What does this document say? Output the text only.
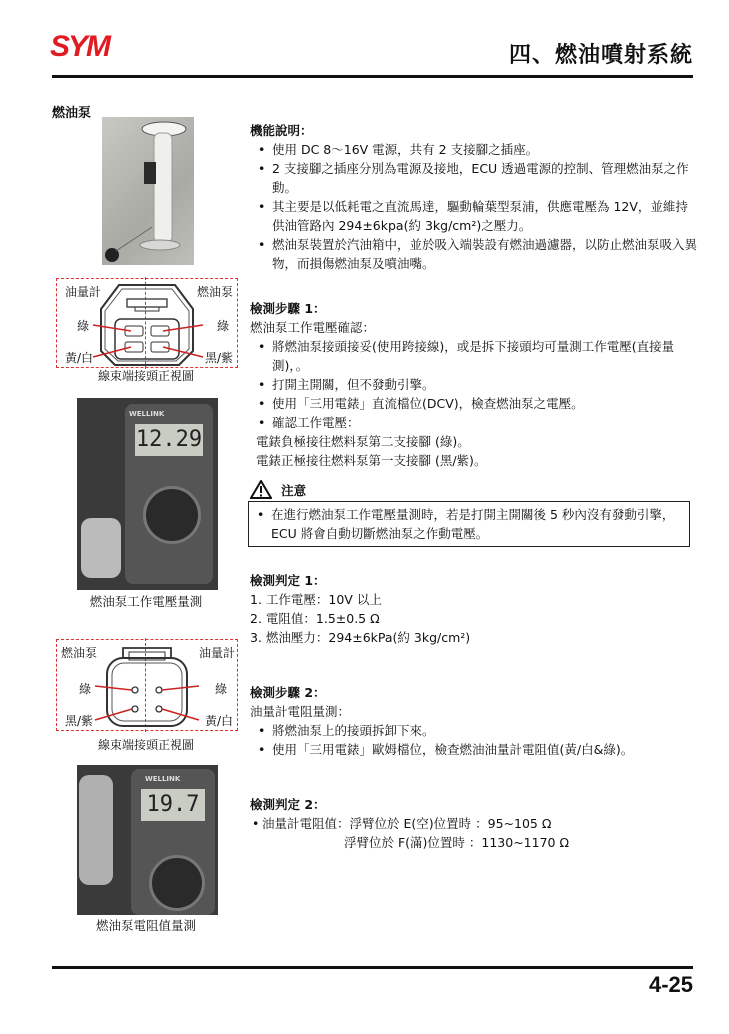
SYM	四、燃油噴射系統
燃油泵
油量計	燃油泵
綠	綠
黃/白	黑/紫
線束端接頭正視圖
WELLINK
12.29
燃油泵工作電壓量測
燃油泵	油量計
綠	綠
黑/紫	黃/白
線束端接頭正視圖
WELLINK
19.7
燃油泵電阻值量測
機能說明：
• 使用 DC 8～16V 電源，共有 2 支接腳之插座。
• 2 支接腳之插座分別為電源及接地，ECU 透過電源的控制、管理燃油泵之作動。
• 其主要是以低耗電之直流馬達，驅動輪葉型泵浦，供應電壓為 12V，並維持供油管路內 294±6kpa(約 3kg/cm²)之壓力。
• 燃油泵裝置於汽油箱中，並於吸入端裝設有燃油過濾器，以防止燃油泵吸入異物，而損傷燃油泵及噴油嘴。
檢測步驟 1：
燃油泵工作電壓確認：
• 將燃油泵接頭接妥(使用跨接線)，或是拆下接頭均可量測工作電壓(直接量測)，。
• 打開主開關，但不發動引擎。
• 使用「三用電錶」直流檔位(DCV)，檢查燃油泵之電壓。
• 確認工作電壓：
電錶負極接往燃料泵第二支接腳 (綠)。
電錶正極接往燃料泵第一支接腳 (黑/紫)。
注意
• 在進行燃油泵工作電壓量測時，若是打開主開關後 5 秒內沒有發動引擎，ECU 將會自動切斷燃油泵之作動電壓。
檢測判定 1：
1. 工作電壓：10V 以上
2. 電阻值：1.5±0.5 Ω
3. 燃油壓力：294±6kPa(約 3kg/cm²)
檢測步驟 2：
油量計電阻量測：
• 將燃油泵上的接頭拆卸下來。
• 使用「三用電錶」歐姆檔位，檢查燃油油量計電阻值(黃/白&綠)。
檢測判定 2：
• 油量計電阻值：浮臂位於 E(空)位置時 ：95~105 Ω
浮臂位於 F(滿)位置時 ：1130~1170 Ω
4-25
